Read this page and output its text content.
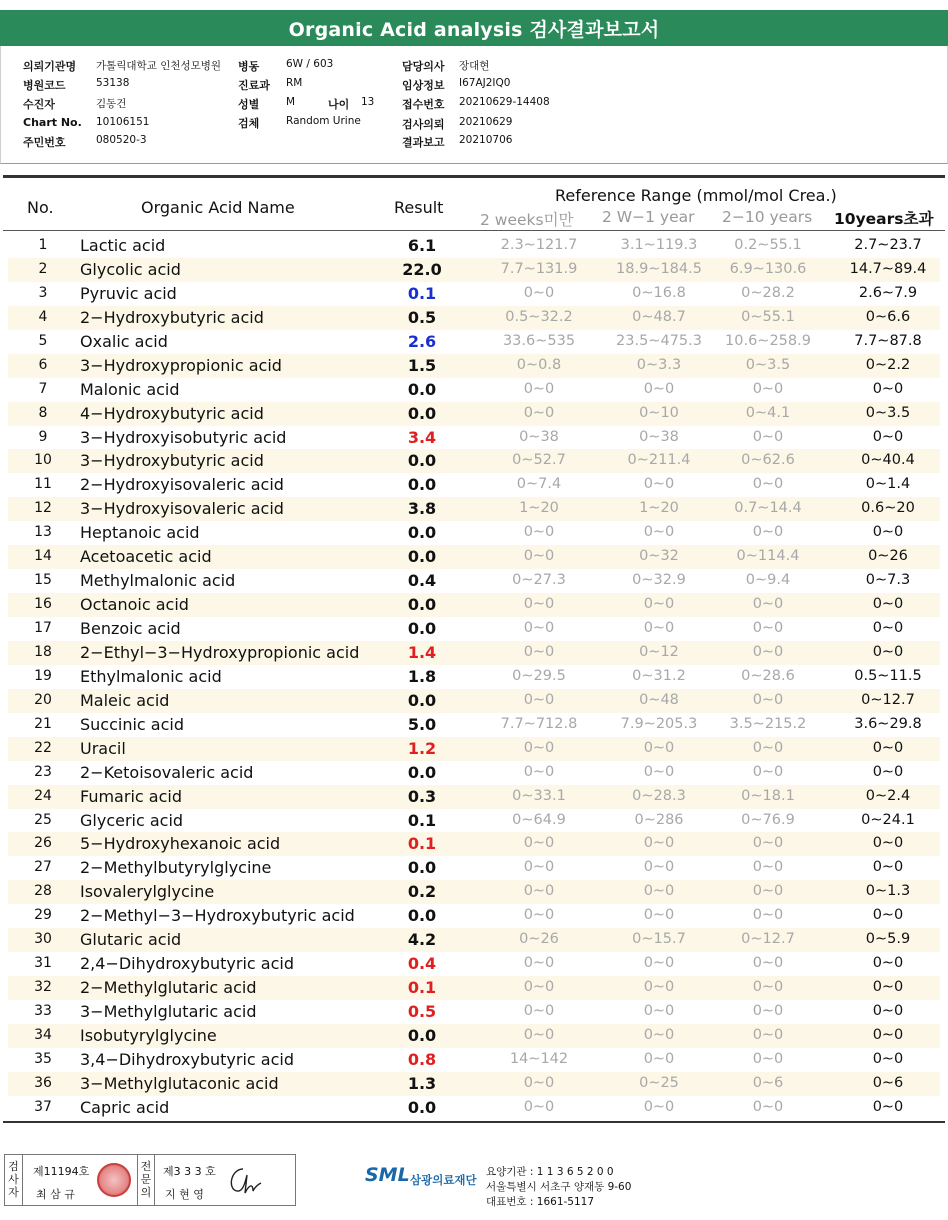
Organic Acid analysis 검사결과보고서
의뢰기관명 가톨릭대학교 인천성모병원
병원코드	53138
수진자	김동건
Chart No. 10106151
주민번호	080520-3
병동	6W / 603
진료과 RM
성별	M	나이 13
검체	Random Urine
담당의사 장대현
임상정보 I67AJ2IQ0
접수번호 20210629-14408
검사의뢰 20210629
결과보고 20210706
No.	Organic Acid Name	Result
Reference Range (mmol/mol Crea.)
2 weeks미만 2 W−1 year 2−10 years 10years초과
1	Lactic acid	6.1	2.3∼121.7	3.1∼119.3	0.2∼55.1	2.7∼23.7
2	Glycolic acid	22.0	7.7∼131.9	18.9∼184.5	6.9∼130.6	14.7∼89.4
3	Pyruvic acid	0.1	0∼0	0∼16.8	0∼28.2	2.6∼7.9
4	2−Hydroxybutyric acid	0.5	0.5∼32.2	0∼48.7	0∼55.1	0∼6.6
5	Oxalic acid	2.6	33.6∼535	23.5∼475.3	10.6∼258.9	7.7∼87.8
6	3−Hydroxypropionic acid	1.5	0∼0.8	0∼3.3	0∼3.5	0∼2.2
7	Malonic acid	0.0	0∼0	0∼0	0∼0	0∼0
8	4−Hydroxybutyric acid	0.0	0∼0	0∼10	0∼4.1	0∼3.5
9	3−Hydroxyisobutyric acid	3.4	0∼38	0∼38	0∼0	0∼0
10	3−Hydroxybutyric acid	0.0	0∼52.7	0∼211.4	0∼62.6	0∼40.4
11	2−Hydroxyisovaleric acid	0.0	0∼7.4	0∼0	0∼0	0∼1.4
12	3−Hydroxyisovaleric acid	3.8	1∼20	1∼20	0.7∼14.4	0.6∼20
13	Heptanoic acid	0.0	0∼0	0∼0	0∼0	0∼0
14	Acetoacetic acid	0.0	0∼0	0∼32	0∼114.4	0∼26
15	Methylmalonic acid	0.4	0∼27.3	0∼32.9	0∼9.4	0∼7.3
16	Octanoic acid	0.0	0∼0	0∼0	0∼0	0∼0
17	Benzoic acid	0.0	0∼0	0∼0	0∼0	0∼0
18	2−Ethyl−3−Hydroxypropionic acid	1.4	0∼0	0∼12	0∼0	0∼0
19	Ethylmalonic acid	1.8	0∼29.5	0∼31.2	0∼28.6	0.5∼11.5
20	Maleic acid	0.0	0∼0	0∼48	0∼0	0∼12.7
21	Succinic acid	5.0	7.7∼712.8	7.9∼205.3	3.5∼215.2	3.6∼29.8
22	Uracil	1.2	0∼0	0∼0	0∼0	0∼0
23	2−Ketoisovaleric acid	0.0	0∼0	0∼0	0∼0	0∼0
24	Fumaric acid	0.3	0∼33.1	0∼28.3	0∼18.1	0∼2.4
25	Glyceric acid	0.1	0∼64.9	0∼286	0∼76.9	0∼24.1
26	5−Hydroxyhexanoic acid	0.1	0∼0	0∼0	0∼0	0∼0
27	2−Methylbutyrylglycine	0.0	0∼0	0∼0	0∼0	0∼0
28	Isovalerylglycine	0.2	0∼0	0∼0	0∼0	0∼1.3
29	2−Methyl−3−Hydroxybutyric acid	0.0	0∼0	0∼0	0∼0	0∼0
30	Glutaric acid	4.2	0∼26	0∼15.7	0∼12.7	0∼5.9
31	2,4−Dihydroxybutyric acid	0.4	0∼0	0∼0	0∼0	0∼0
32	2−Methylglutaric acid	0.1	0∼0	0∼0	0∼0	0∼0
33	3−Methylglutaric acid	0.5	0∼0	0∼0	0∼0	0∼0
34	Isobutyrylglycine	0.0	0∼0	0∼0	0∼0	0∼0
35	3,4−Dihydroxybutyric acid	0.8	14∼142	0∼0	0∼0	0∼0
36	3−Methylglutaconic acid	1.3	0∼0	0∼25	0∼6	0∼6
37	Capric acid	0.0	0∼0	0∼0	0∼0	0∼0
검사자
제11194호
최 삼 규
전문의
제3 3 3 호
지 현 영
SML 삼광의료재단
요양기관 : 1 1 3 6 5 2 0 0
서울특별시 서초구 양재동 9-60
대표번호 : 1661-5117
